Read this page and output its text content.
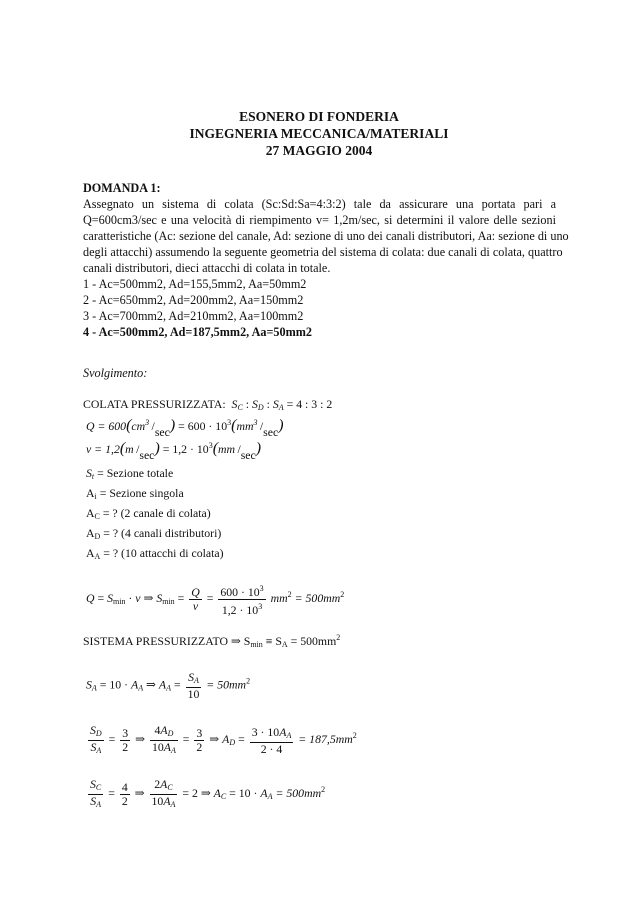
ESONERO DI FONDERIA
INGEGNERIA MECCANICA/MATERIALI
27 MAGGIO 2004
DOMANDA 1:
Assegnato un sistema di colata (Sc:Sd:Sa=4:3:2) tale da assicurare una portata pari a
Q=600cm3/sec e una velocità di riempimento v= 1,2m/sec, si determini il valore delle sezioni
caratteristiche (Ac: sezione del canale, Ad: sezione di uno dei canali distributori, Aa: sezione di uno
degli attacchi) assumendo la seguente geometria del sistema di colata: due canali di colata, quattro
canali distributori, dieci attacchi di colata in totale.
1 - Ac=500mm2, Ad=155,5mm2, Aa=50mm2
2 - Ac=650mm2, Ad=200mm2, Aa=150mm2
3 - Ac=700mm2, Ad=210mm2, Aa=100mm2
4 - Ac=500mm2, Ad=187,5mm2, Aa=50mm2
Svolgimento:
COLATA PRESSURIZZATA:  SC : SD : SA = 4 : 3 : 2
$Q = 600(cm^3$  $/\sec) = 600 \cdot 10^3(mm^3$  /sec)
v = 1,2(m  $/\sec) = 1,2 \cdot 10^3(mm$  /sec)
St = Sezione totale
Ai = Sezione singola
AC = ? (2 canale di colata)
AD = ? (4 canali distributori)
AA = ? (10 attacchi di colata)
Q = Smin · v ⇒ $Smin = \frac{Q}{v} = \frac{600 \cdot 10^3}{1,2 \cdot 10^3} mm^2 = 500mm^2$
SISTEMA PRESSURIZZATO ⇒ Smin ≡ SA = $500mm^2$
SA = 10 · AA ⇒ AA = $\frac{SA}{10} = 50mm^2$
$\frac{SD}{SA} = \frac{3}{2}$ ⇒ $\frac{4AD}{10AA} = \frac{3}{2}$ ⇒ AD = $\frac{3 \cdot 10AA}{2 \cdot 4} = 187,5mm^2$
$\frac{SC}{SA} = \frac{4}{2}$ ⇒ $\frac{2AC}{10AA} = 2$ ⇒ AC = 10 · AA = $500mm^2$
